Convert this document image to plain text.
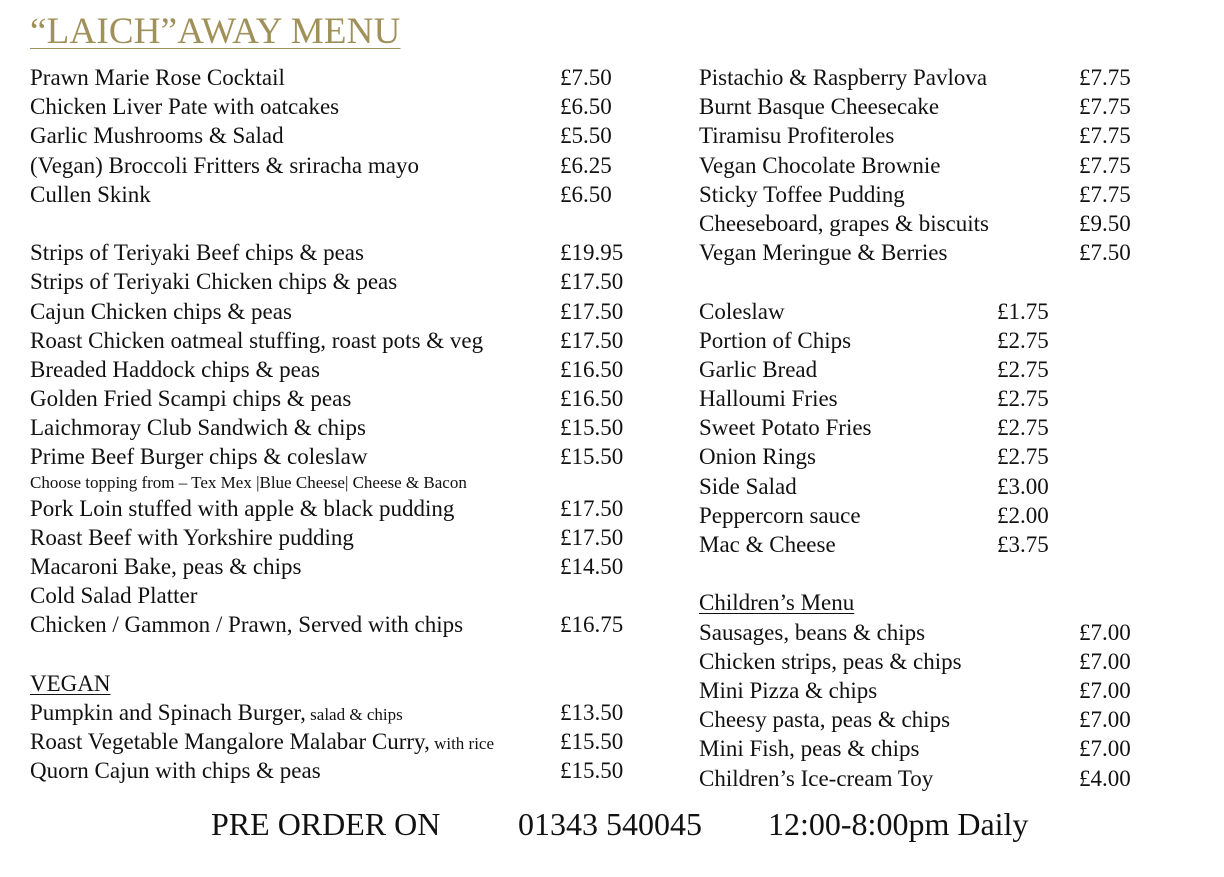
“LAICH”AWAY MENU
Prawn Marie Rose Cocktail	£7.50
Chicken Liver Pate with oatcakes	£6.50
Garlic Mushrooms & Salad	£5.50
(Vegan) Broccoli Fritters & sriracha mayo	£6.25
Cullen Skink	£6.50
Strips of Teriyaki Beef chips & peas	£19.95
Strips of Teriyaki Chicken chips & peas	£17.50
Cajun Chicken chips & peas	£17.50
Roast Chicken oatmeal stuffing, roast pots & veg	£17.50
Breaded Haddock chips & peas	£16.50
Golden Fried Scampi chips & peas	£16.50
Laichmoray Club Sandwich & chips	£15.50
Prime Beef Burger chips & coleslaw	£15.50
Choose topping from – Tex Mex |Blue Cheese| Cheese & Bacon
Pork Loin stuffed with apple & black pudding	£17.50
Roast Beef with Yorkshire pudding	£17.50
Macaroni Bake, peas & chips	£14.50
Cold Salad Platter
Chicken / Gammon / Prawn, Served with chips	£16.75
VEGAN
Pumpkin and Spinach Burger, salad & chips	£13.50
Roast Vegetable Mangalore Malabar Curry, with rice	£15.50
Quorn Cajun with chips & peas	£15.50
Pistachio & Raspberry Pavlova	£7.75
Burnt Basque Cheesecake	£7.75
Tiramisu Profiteroles	£7.75
Vegan Chocolate Brownie	£7.75
Sticky Toffee Pudding	£7.75
Cheeseboard, grapes & biscuits	£9.50
Vegan Meringue & Berries	£7.50
Coleslaw	£1.75
Portion of Chips	£2.75
Garlic Bread	£2.75
Halloumi Fries	£2.75
Sweet Potato Fries	£2.75
Onion Rings	£2.75
Side Salad	£3.00
Peppercorn sauce	£2.00
Mac & Cheese	£3.75
Children’s Menu
Sausages, beans & chips	£7.00
Chicken strips, peas & chips	£7.00
Mini Pizza & chips	£7.00
Cheesy pasta, peas & chips	£7.00
Mini Fish, peas & chips	£7.00
Children’s Ice-cream Toy	£4.00
PRE ORDER ON 01343 540045 12:00-8:00pm Daily
